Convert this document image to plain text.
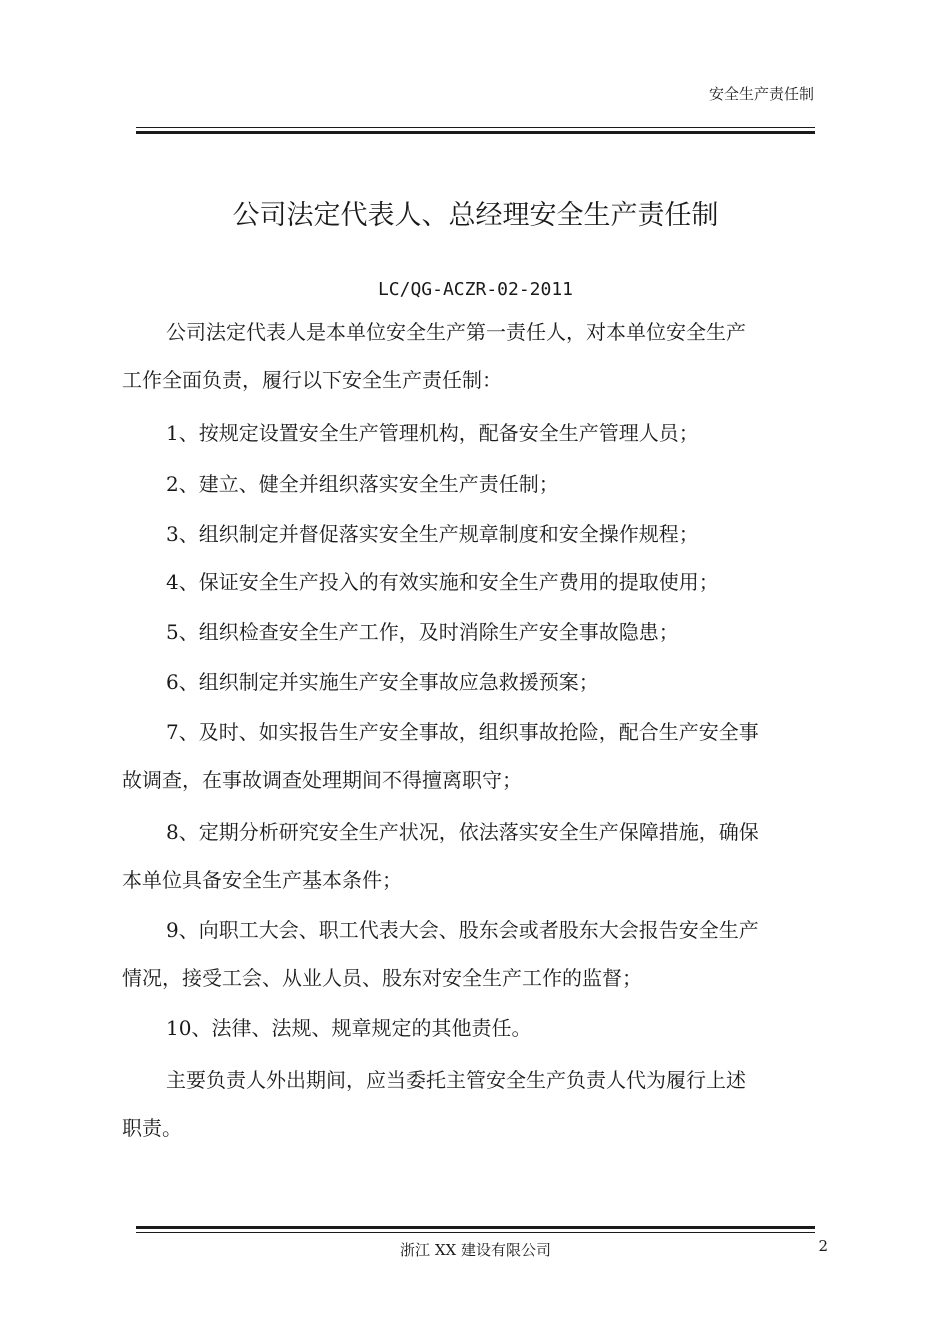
安全生产责任制
公司法定代表人、总经理安全生产责任制
LC/QG-ACZR-02-2011

公司法定代表人是本单位安全生产第一责任人，对本单位安全生产
工作全面负责，履行以下安全生产责任制：

1、按规定设置安全生产管理机构，配备安全生产管理人员；

2、建立、健全并组织落实安全生产责任制；

3、组织制定并督促落实安全生产规章制度和安全操作规程；

4、保证安全生产投入的有效实施和安全生产费用的提取使用；

5、组织检查安全生产工作，及时消除生产安全事故隐患；

6、组织制定并实施生产安全事故应急救援预案；

7、及时、如实报告生产安全事故，组织事故抢险，配合生产安全事
故调查，在事故调查处理期间不得擅离职守；

8、定期分析研究安全生产状况，依法落实安全生产保障措施，确保
本单位具备安全生产基本条件；

9、向职工大会、职工代表大会、股东会或者股东大会报告安全生产
情况，接受工会、从业人员、股东对安全生产工作的监督；

10、法律、法规、规章规定的其他责任。

主要负责人外出期间，应当委托主管安全生产负责人代为履行上述
职责。

浙江 XX 建设有限公司	2
